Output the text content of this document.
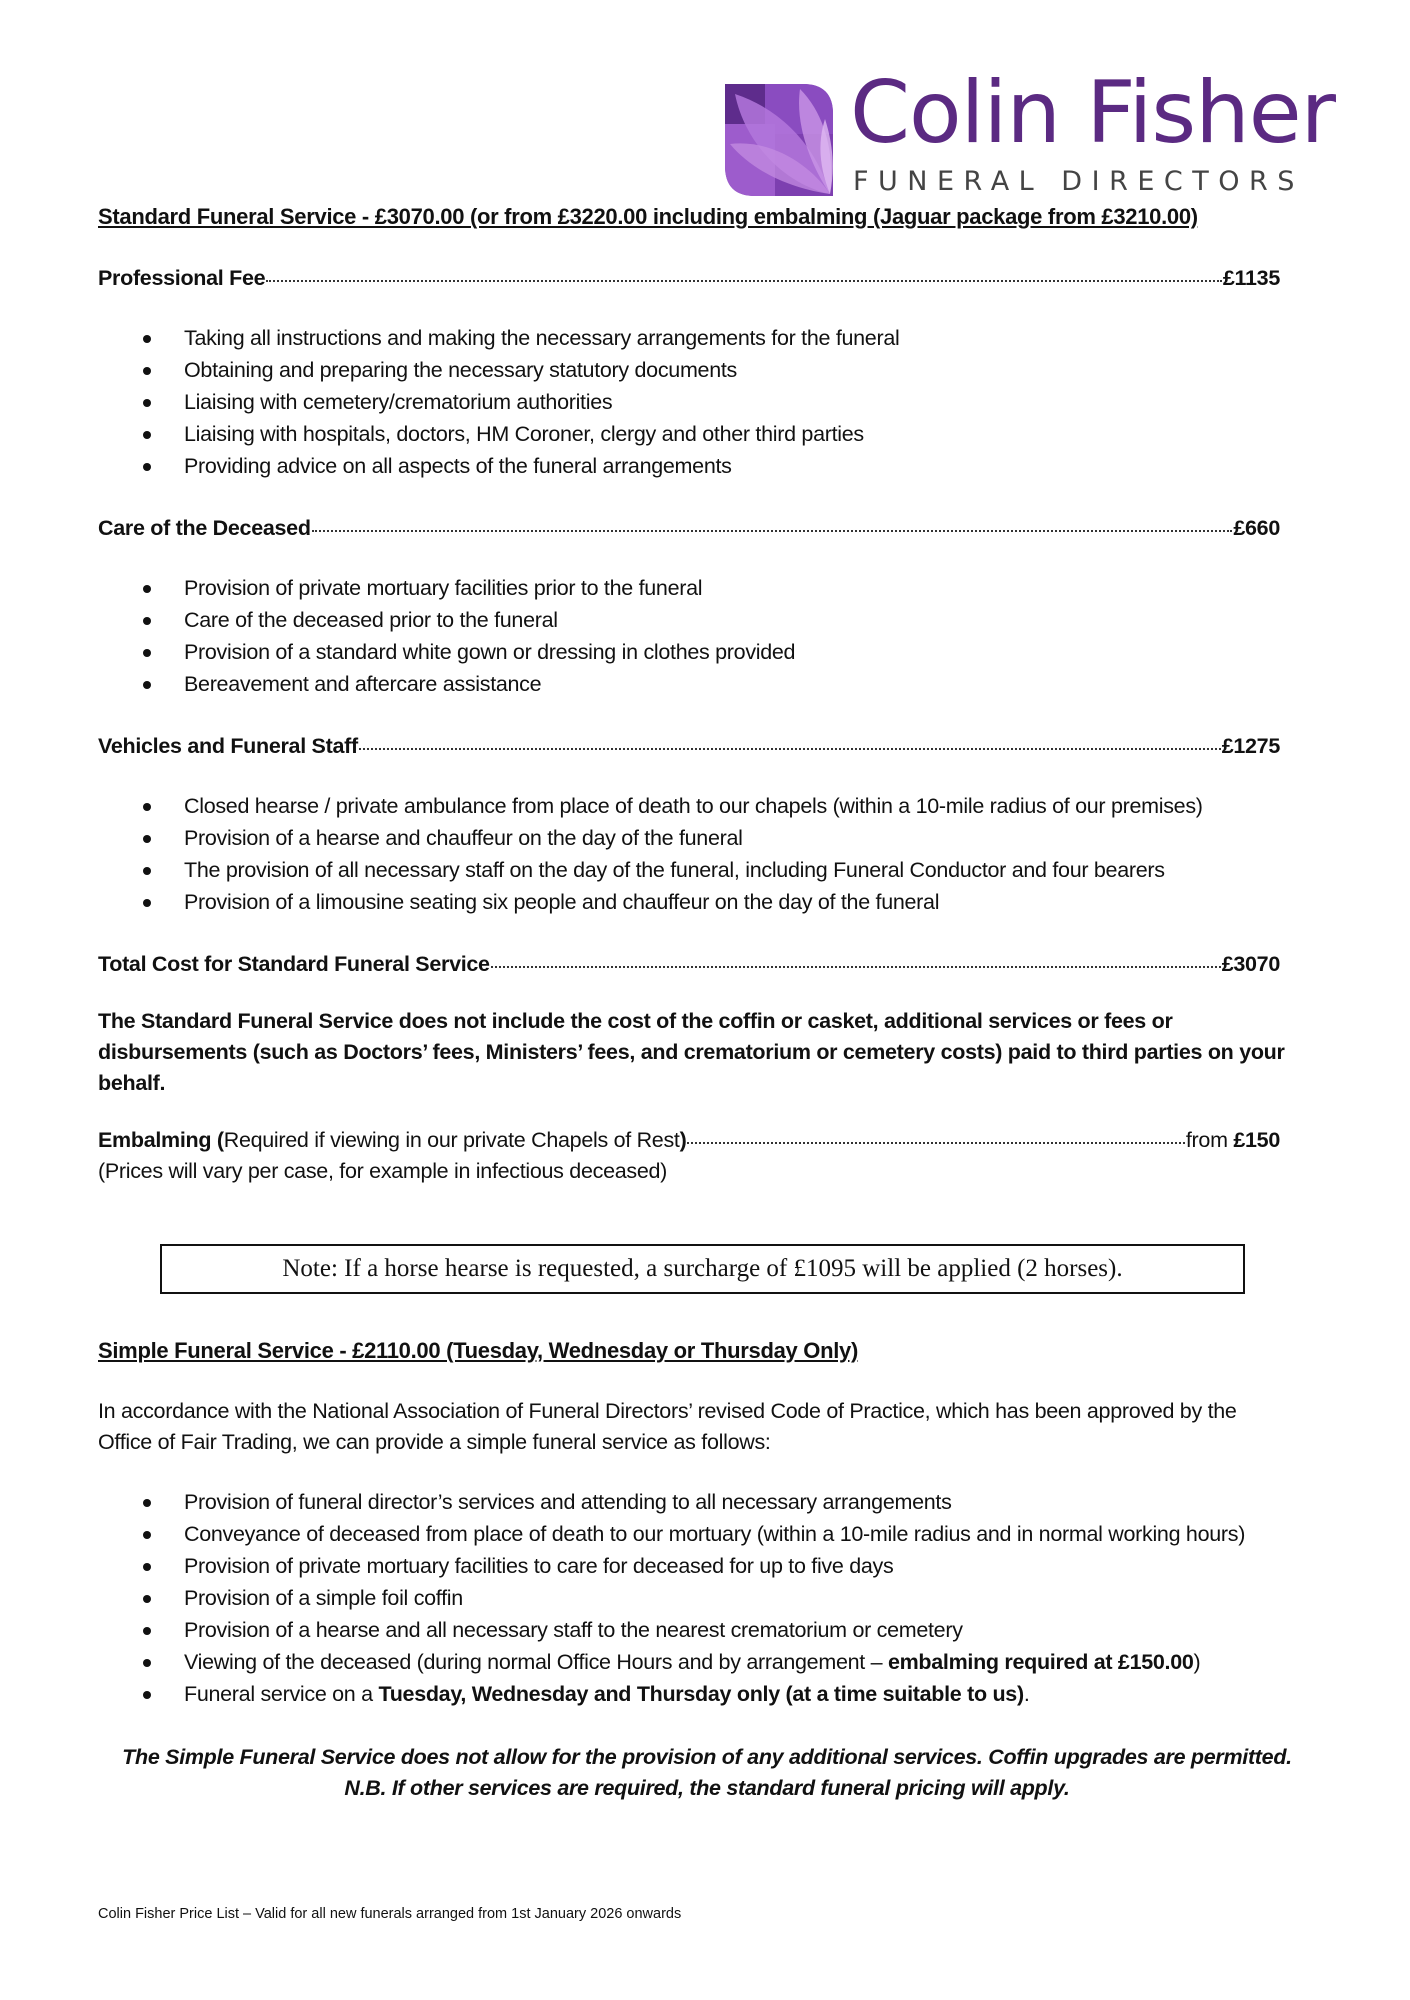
Colin Fisher
FUNERAL DIRECTORS
Standard Funeral Service - £3070.00 (or from £3220.00 including embalming (Jaguar package from £3210.00)
Professional Fee	£1135
Taking all instructions and making the necessary arrangements for the funeral
Obtaining and preparing the necessary statutory documents
Liaising with cemetery/crematorium authorities
Liaising with hospitals, doctors, HM Coroner, clergy and other third parties
Providing advice on all aspects of the funeral arrangements
Care of the Deceased	£660
Provision of private mortuary facilities prior to the funeral
Care of the deceased prior to the funeral
Provision of a standard white gown or dressing in clothes provided
Bereavement and aftercare assistance
Vehicles and Funeral Staff	£1275
Closed hearse / private ambulance from place of death to our chapels (within a 10-mile radius of our premises)
Provision of a hearse and chauffeur on the day of the funeral
The provision of all necessary staff on the day of the funeral, including Funeral Conductor and four bearers
Provision of a limousine seating six people and chauffeur on the day of the funeral
Total Cost for Standard Funeral Service	£3070
The Standard Funeral Service does not include the cost of the coffin or casket, additional services or fees or disbursements (such as Doctors’ fees, Ministers’ fees, and crematorium or cemetery costs) paid to third parties on your behalf.
Embalming ( Required if viewing in our private Chapels of Rest )	from £150
(Prices will vary per case, for example in infectious deceased)
Note: If a horse hearse is requested, a surcharge of £1095 will be applied (2 horses).
Simple Funeral Service - £2110.00 (Tuesday, Wednesday or Thursday Only)
In accordance with the National Association of Funeral Directors’ revised Code of Practice, which has been approved by the Office of Fair Trading, we can provide a simple funeral service as follows:
Provision of funeral director’s services and attending to all necessary arrangements
Conveyance of deceased from place of death to our mortuary (within a 10-mile radius and in normal working hours)
Provision of private mortuary facilities to care for deceased for up to five days
Provision of a simple foil coffin
Provision of a hearse and all necessary staff to the nearest crematorium or cemetery
Viewing of the deceased (during normal Office Hours and by arrangement – embalming required at £150.00)
Funeral service on a Tuesday, Wednesday and Thursday only (at a time suitable to us).
The Simple Funeral Service does not allow for the provision of any additional services. Coffin upgrades are permitted.
N.B. If other services are required, the standard funeral pricing will apply.
Colin Fisher Price List – Valid for all new funerals arranged from 1st January 2026 onwards
